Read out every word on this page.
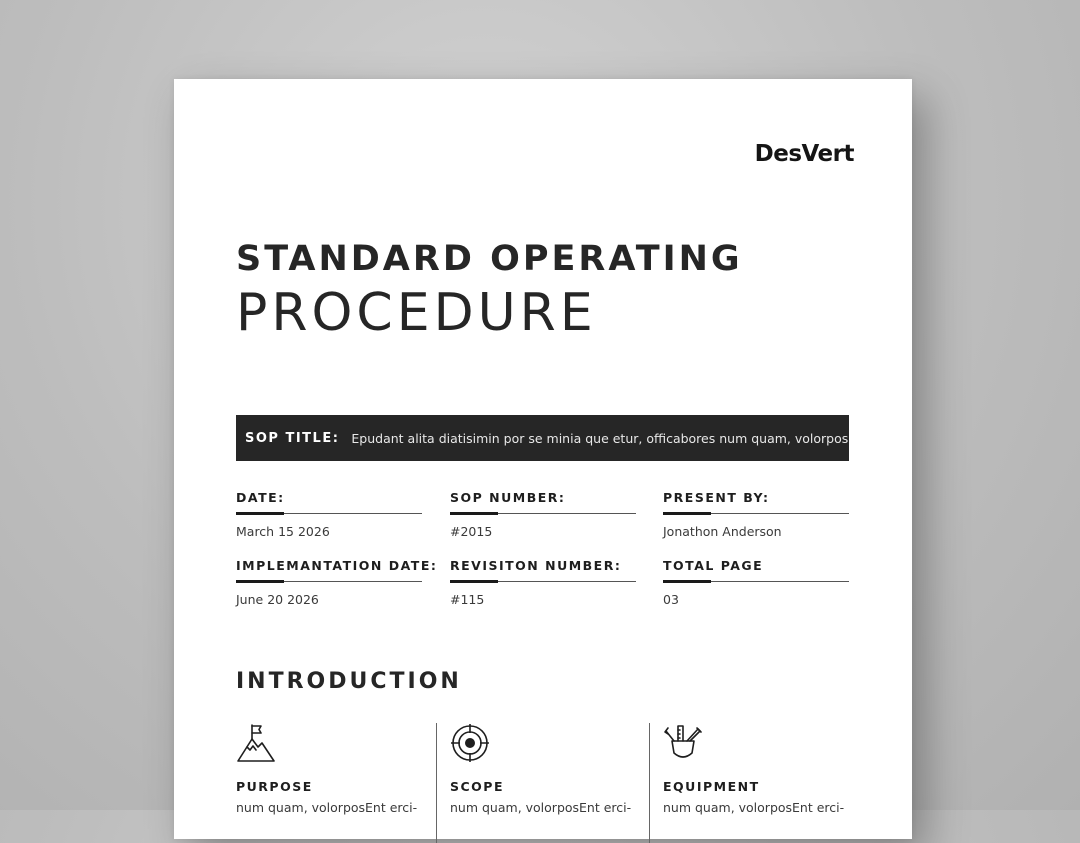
DesVert
STANDARD OPERATING
PROCEDURE
SOP TITLE: Epudant alita diatisimin por se minia que etur, officabores num quam, volorpos
DATE:
March 15 2026
SOP NUMBER:
#2015
PRESENT BY:
Jonathon Anderson
IMPLEMANTATION DATE:
June 20 2026
REVISITON NUMBER:
#115
TOTAL PAGE
03
INTRODUCTION
PURPOSE
num quam, volorposEnt erci-
SCOPE
num quam, volorposEnt erci-
EQUIPMENT
num quam, volorposEnt erci-
